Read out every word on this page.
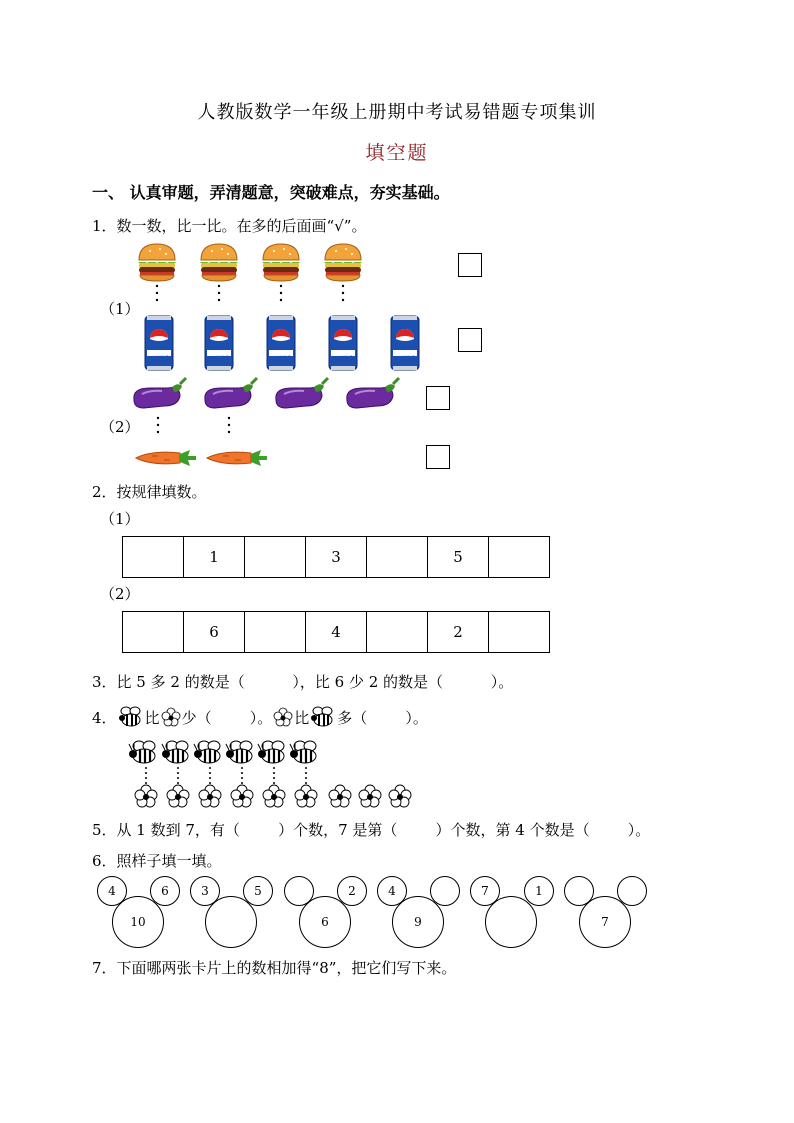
人教版数学一年级上册期中考试易错题专项集训
填空题
一、 认真审题，弄清题意，突破难点，夯实基础。
1．数一数，比一比。在多的后面画“√”。
（1）
（2）
百事可乐	百事可乐	百事可乐	百事可乐	百事可乐
2．按规律填数。
（1）
	1		3		5	
（2）
	6		4		2	
3．比 5 多 2 的数是（          ），比 6 少 2 的数是（          ）。
4． 比 少（        ）。 比 多（        ）。
5．从 1 数到 7，有（        ）个数，7 是第（        ）个数，第 4 个数是（        ）。
6．照样子填一填。
4	6
10
3	5	2
6
4
9
7	1
7
7．下面哪两张卡片上的数相加得“8”，把它们写下来。
